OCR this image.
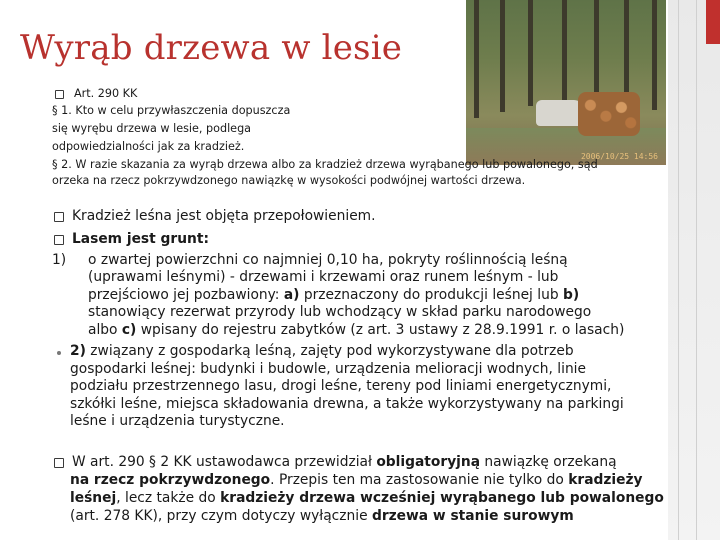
2006/10/25 14:56
Wyrąb drzewa w lesie
Art. 290 KK
§ 1. Kto w celu przywłaszczenia dopuszcza
się wyrębu drzewa w lesie, podlega
odpowiedzialności jak za kradzież.
§ 2. W razie skazania za wyrąb drzewa albo za kradzież drzewa wyrąbanego lub powalonego, sąd
orzeka na rzecz pokrzywdzonego nawiązkę w wysokości podwójnej wartości drzewa.
Kradzież leśna jest objęta przepołowieniem.
Lasem jest grunt:
1) o zwartej powierzchni co najmniej 0,10 ha, pokryty roślinnością leśną
(uprawami leśnymi) - drzewami i krzewami oraz runem leśnym - lub
przejściowo jej pozbawiony: a) przeznaczony do produkcji leśnej lub b)
stanowiący rezerwat przyrody lub wchodzący w skład parku narodowego
albo c) wpisany do rejestru zabytków (z art. 3 ustawy z 28.9.1991 r. o lasach)
2) związany z gospodarką leśną, zajęty pod wykorzystywane dla potrzeb
gospodarki leśnej: budynki i budowle, urządzenia melioracji wodnych, linie
podziału przestrzennego lasu, drogi leśne, tereny pod liniami energetycznymi,
szkółki leśne, miejsca składowania drewna, a także wykorzystywany na parkingi
leśne i urządzenia turystyczne.
W art. 290 § 2 KK ustawodawca przewidział obligatoryjną nawiązkę orzekaną
na rzecz pokrzywdzonego. Przepis ten ma zastosowanie nie tylko do kradzieży
leśnej, lecz także do kradzieży drzewa wcześniej wyrąbanego lub powalonego
(art. 278 KK), przy czym dotyczy wyłącznie drzewa w stanie surowym
